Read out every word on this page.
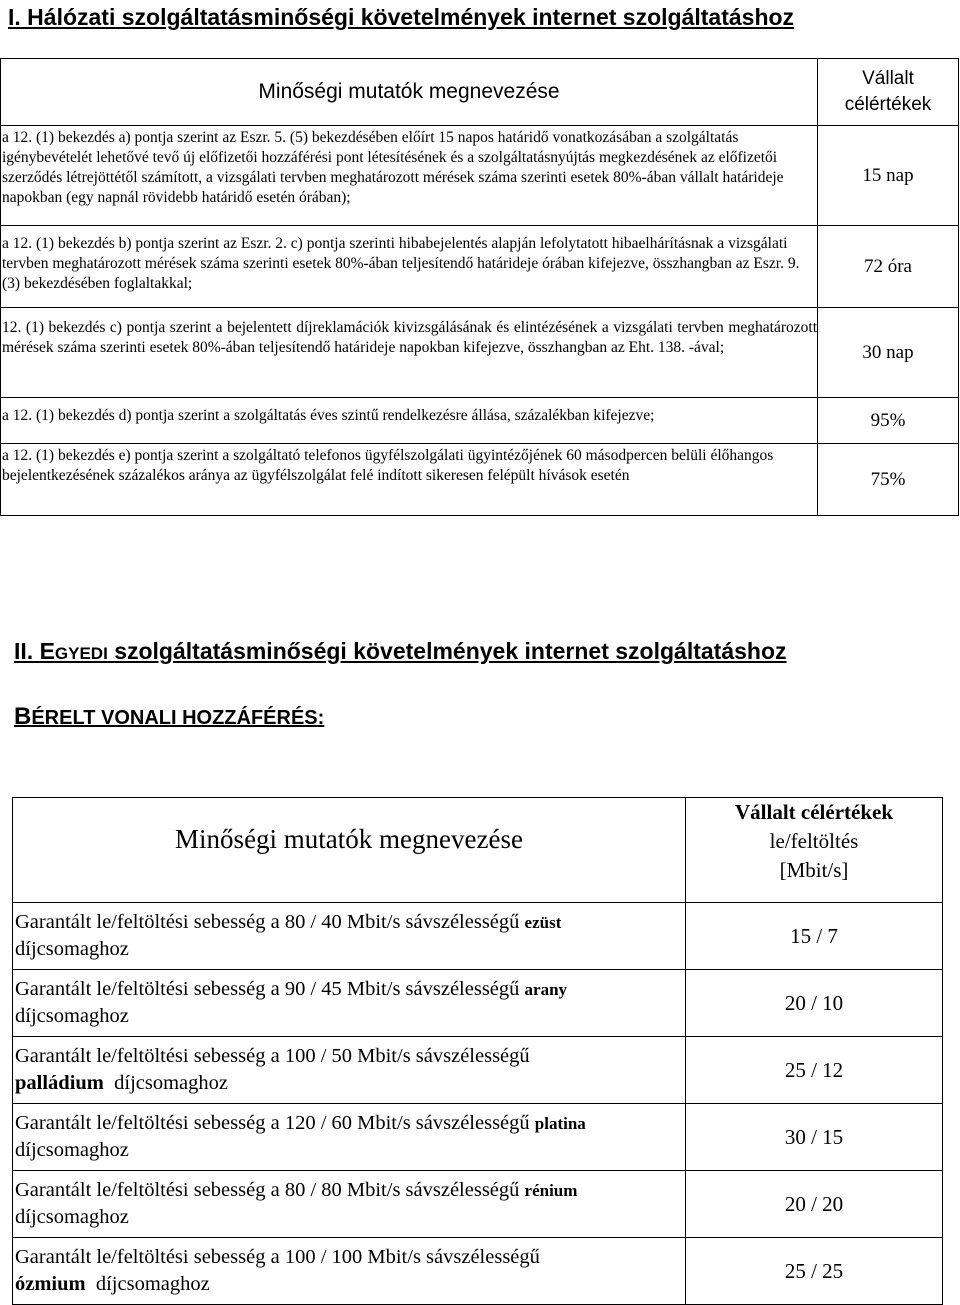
I. Hálózati szolgáltatásminőségi követelmények internet szolgáltatáshoz
Minőségi mutatók megnevezése	Vállalt
célértékek

a 12. (1) bekezdés a) pontja szerint az Eszr. 5. (5) bekezdésében előírt 15 napos határidő vonatkozásában a szolgáltatás igénybevételét lehetővé tevő új előfizetői hozzáférési pont létesítésének és a szolgáltatásnyújtás megkezdésének az előfizetői szerződés létrejöttétől számított, a vizsgálati tervben meghatározott mérések száma szerinti esetek 80%-ában vállalt határideje napokban (egy napnál rövidebb határidő esetén órában);	15 nap
a 12. (1) bekezdés b) pontja szerint az Eszr. 2. c) pontja szerinti hibabejelentés alapján lefolytatott hibaelhárításnak a vizsgálati tervben meghatározott mérések száma szerinti esetek 80%-ában teljesítendő határideje órában kifejezve, összhangban az Eszr. 9. (3) bekezdésében foglaltakkal;	72 óra
12. (1) bekezdés c) pontja szerint a bejelentett díjreklamációk kivizsgálásának és elintézésének a vizsgálati tervben meghatározott mérések száma szerinti esetek 80%-ában teljesítendő határideje napokban kifejezve, összhangban az Eht. 138. -ával;	30 nap
a 12. (1) bekezdés d) pontja szerint a szolgáltatás éves szintű rendelkezésre állása, százalékban kifejezve;	95%
a 12. (1) bekezdés e) pontja szerint a szolgáltató telefonos ügyfélszolgálati ügyintézőjének 60 másodpercen belüli élőhangos bejelentkezésének százalékos aránya az ügyfélszolgálat felé indított sikeresen felépült hívások esetén	75%
II. EGYEDI szolgáltatásminőségi követelmények internet szolgáltatáshoz
BÉRELT VONALI HOZZÁFÉRÉS:
Minőségi mutatók megnevezése	Vállalt célértékek
le/feltöltés
[Mbit/s]

Garantált le/feltöltési sebesség a 80 / 40 Mbit/s sávszélességű ezüst
díjcsomaghoz	15 / 7
Garantált le/feltöltési sebesség a 90 / 45 Mbit/s sávszélességű arany
díjcsomaghoz	20 / 10
Garantált le/feltöltési sebesség a 100 / 50 Mbit/s sávszélességű
palládium díjcsomaghoz	25 / 12
Garantált le/feltöltési sebesség a 120 / 60 Mbit/s sávszélességű platina
díjcsomaghoz	30 / 15
Garantált le/feltöltési sebesség a 80 / 80 Mbit/s sávszélességű rénium
díjcsomaghoz	20 / 20
Garantált le/feltöltési sebesség a 100 / 100 Mbit/s sávszélességű
ózmium díjcsomaghoz	25 / 25
